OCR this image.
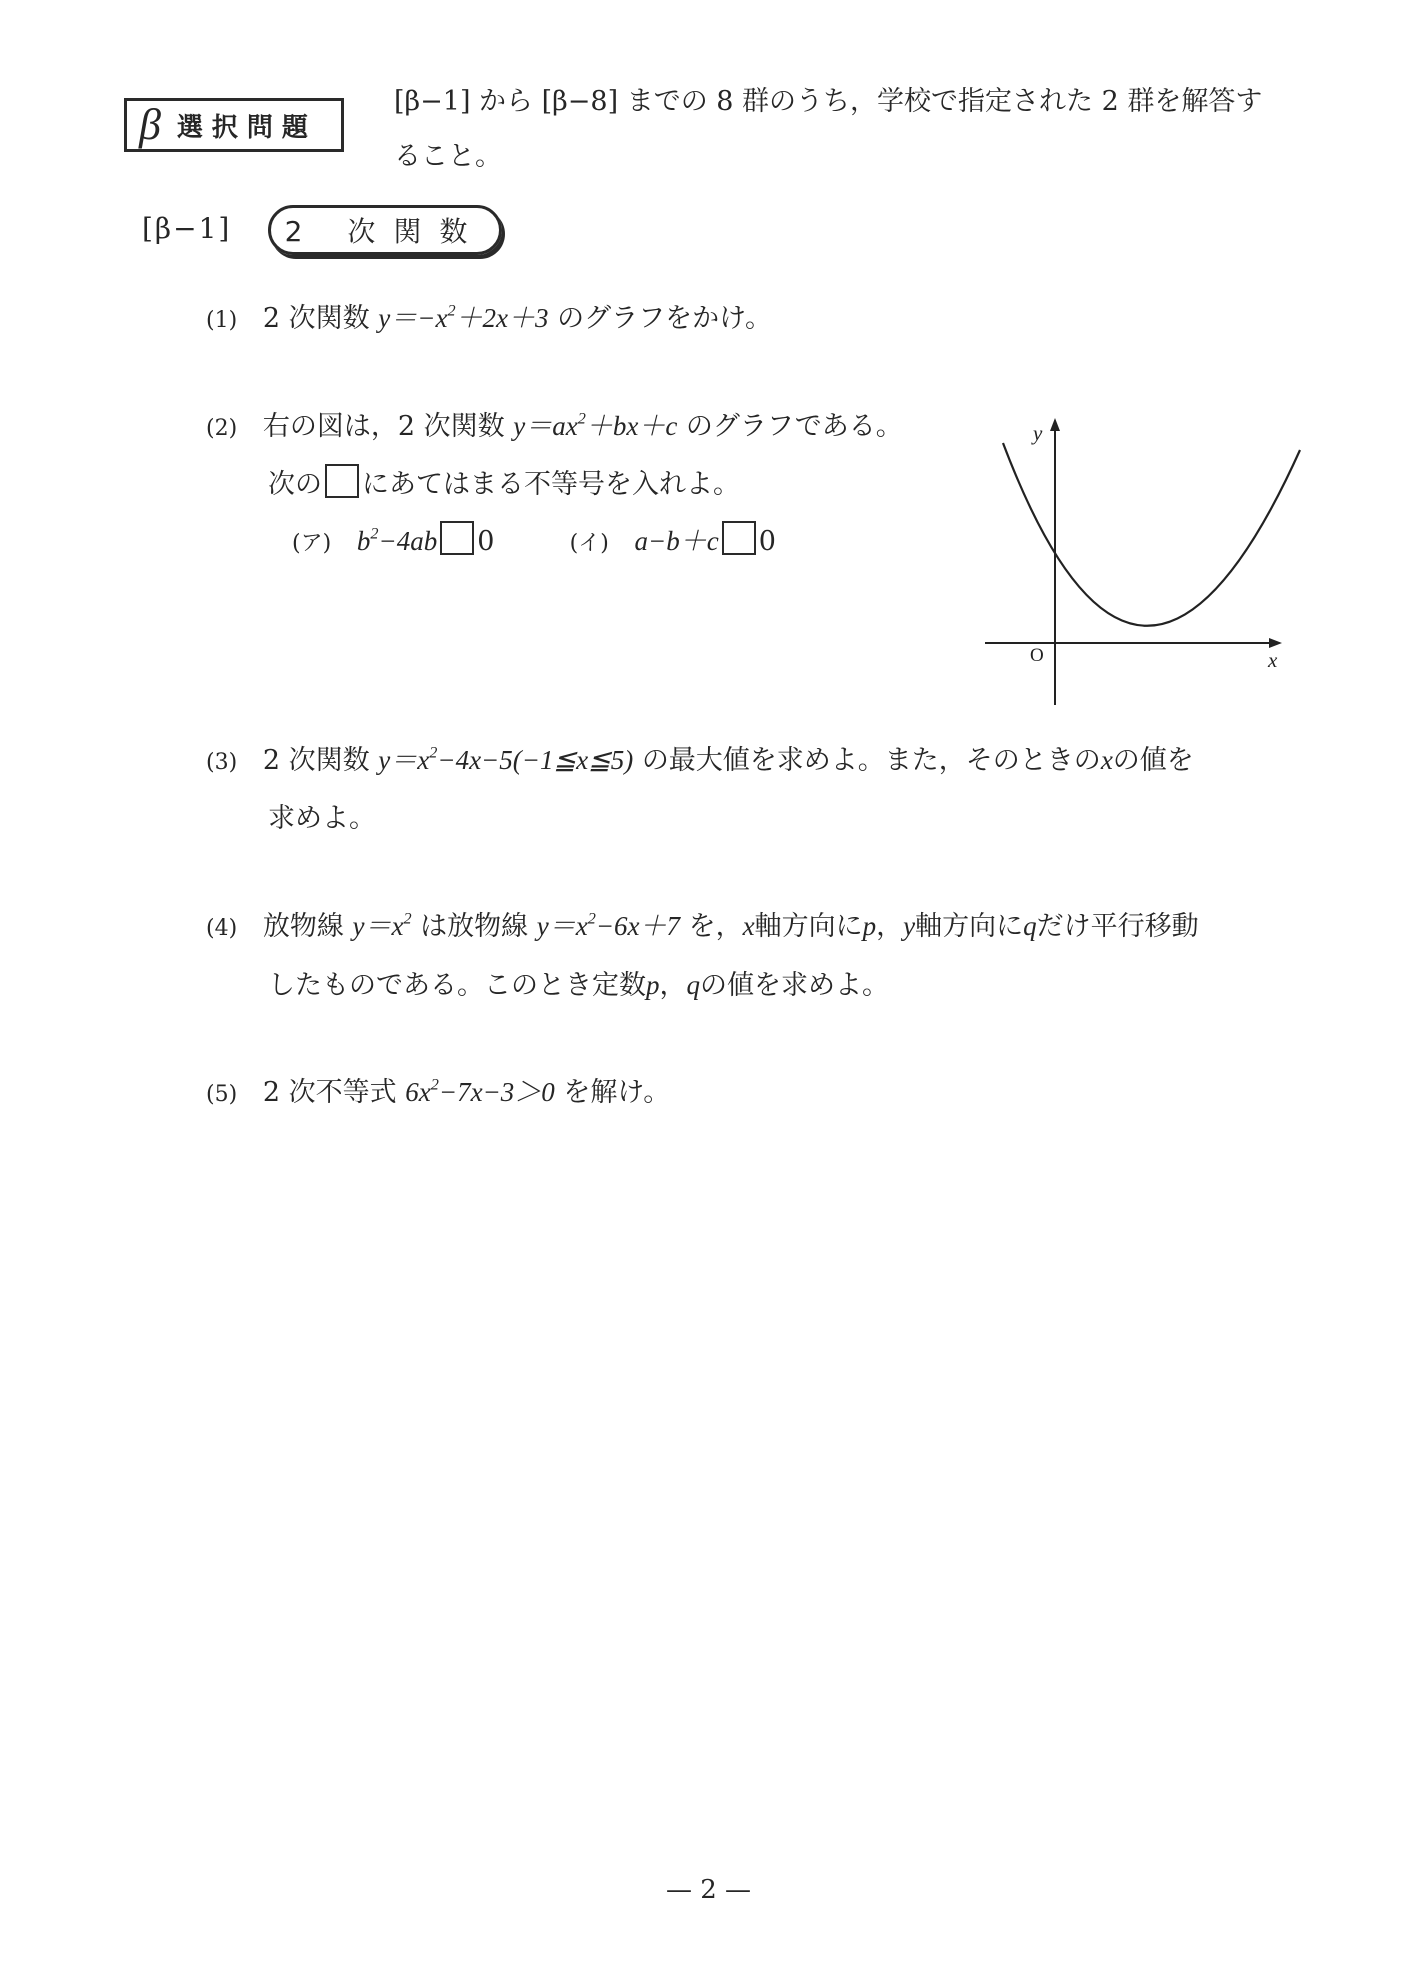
β 選択問題
[β−1] から [β−8] までの 8 群のうち，学校で指定された 2 群を解答す
ること。
[β−1] 2 次関数
(1) 2 次関数 $y=-x^2+2x+3$ のグラフをかけ。
(2) 右の図は，2 次関数 $y=ax^2+bx+c$ のグラフである。
次の にあてはまる不等号を入れよ。
(ア) $b^2-4ab$ 0	(イ) a−b＋c 0
y
x
O
(3) 2 次関数 $y=x^2-4x-5(-1≦x≦5)$ の最大値を求めよ。また，そのときのxの値を
求めよ。
(4) 放物線 $y=x^2$ は放物線 $y=x^2-6x+7$ を，x軸方向にp，y軸方向にqだけ平行移動
したものである。このとき定数p，qの値を求めよ。
(5) 2 次不等式 $6x^2-7x-3>0$ を解け。
— 2 —
